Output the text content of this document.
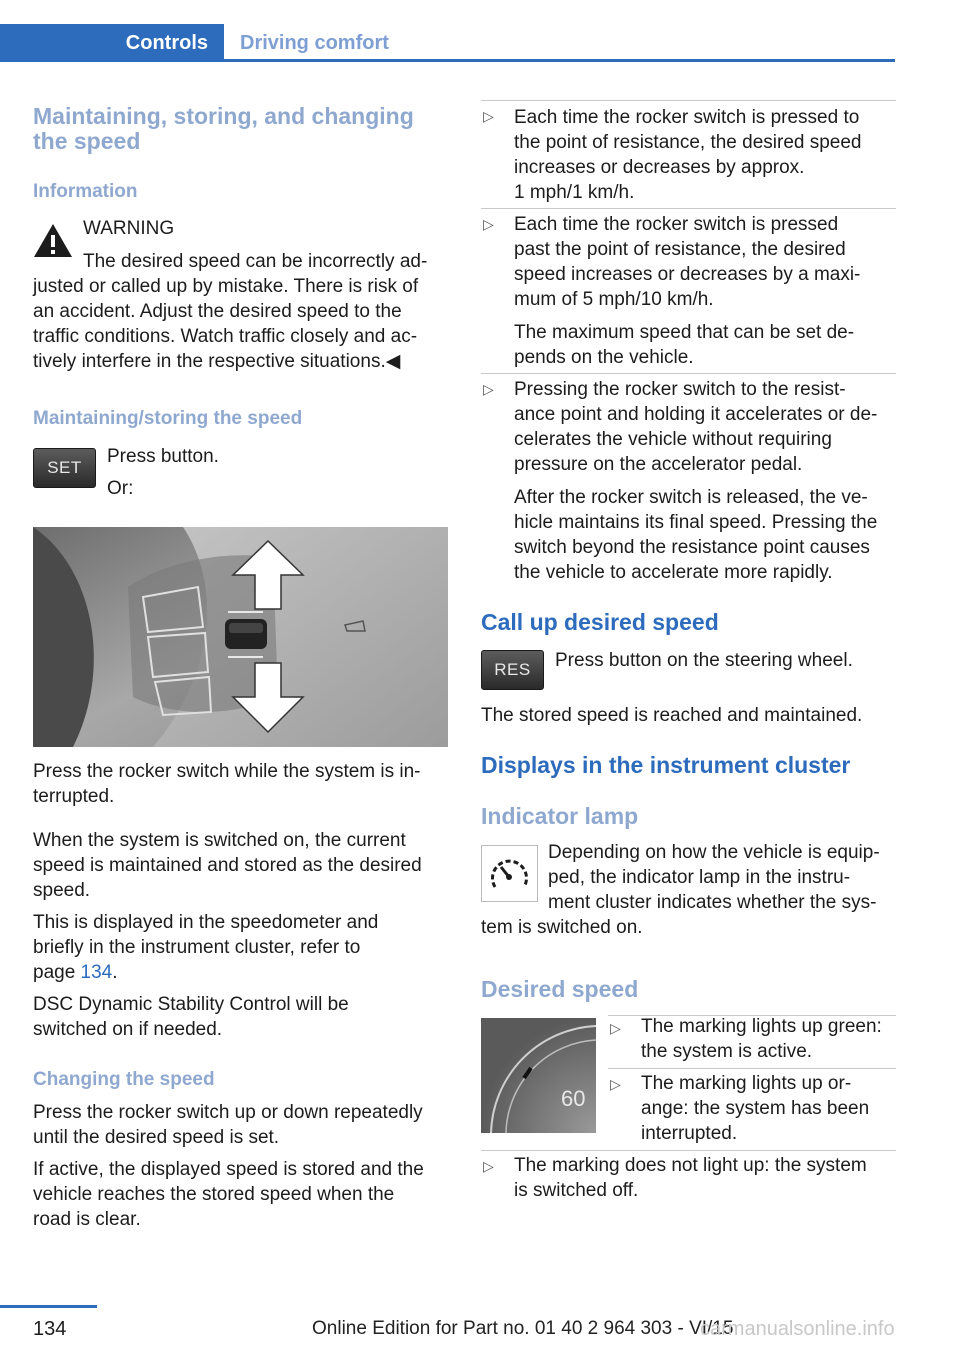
Controls	Driving comfort
Maintaining, storing, and changing the speed
Information
WARNING
The desired speed can be incorrectly ad‐
justed or called up by mistake. There is risk of
an accident. Adjust the desired speed to the
traffic conditions. Watch traffic closely and ac‐
tively interfere in the respective situations.◀
Maintaining/storing the speed
SET
Press button.
Or:
Press the rocker switch while the system is in‐
terrupted.
When the system is switched on, the current
speed is maintained and stored as the desired
speed.
This is displayed in the speedometer and
briefly in the instrument cluster, refer to
page 134.
DSC Dynamic Stability Control will be
switched on if needed.
Changing the speed
Press the rocker switch up or down repeatedly
until the desired speed is set.
If active, the displayed speed is stored and the
vehicle reaches the stored speed when the
road is clear.
▷ Each time the rocker switch is pressed to
the point of resistance, the desired speed
increases or decreases by approx.
1 mph/1 km/h.
▷ Each time the rocker switch is pressed
past the point of resistance, the desired
speed increases or decreases by a maxi‐
mum of 5 mph/10 km/h.
The maximum speed that can be set de‐
pends on the vehicle.
▷ Pressing the rocker switch to the resist‐
ance point and holding it accelerates or de‐
celerates the vehicle without requiring
pressure on the accelerator pedal.
After the rocker switch is released, the ve‐
hicle maintains its final speed. Pressing the
switch beyond the resistance point causes
the vehicle to accelerate more rapidly.
Call up desired speed
RES Press button on the steering wheel.
The stored speed is reached and maintained.
Displays in the instrument cluster
Indicator lamp
Depending on how the vehicle is equip‐
ped, the indicator lamp in the instru‐
ment cluster indicates whether the sys‐
tem is switched on.
Desired speed
60
▷ The marking lights up green:
the system is active.
▷ The marking lights up or‐
ange: the system has been
interrupted.
▷ The marking does not light up: the system
is switched off.
134	Online Edition for Part no. 01 40 2 964 303 - VI/15
carmanualsonline.info
